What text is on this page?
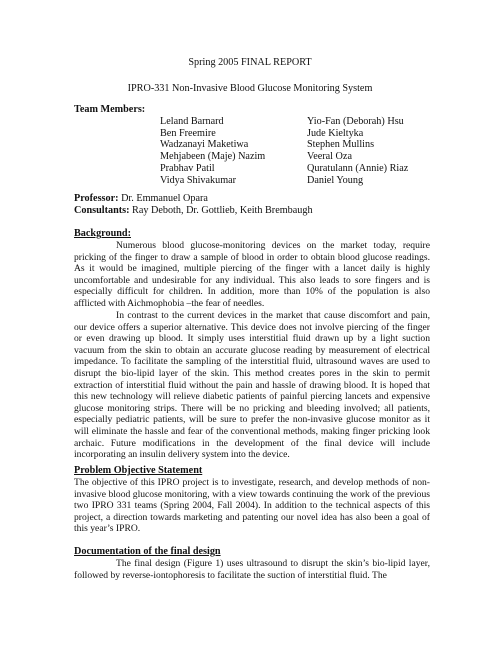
Spring 2005 FINAL REPORT
IPRO-331 Non-Invasive Blood Glucose Monitoring System
Team Members:
Leland Barnard
Ben Freemire
Wadzanayi Maketiwa
Mehjabeen (Maje) Nazim
Prabhav Patil
Vidya Shivakumar
Yio-Fan (Deborah) Hsu
Jude Kieltyka
Stephen Mullins
Veeral Oza
Quratulann (Annie) Riaz
Daniel Young
Professor: Dr. Emmanuel Opara
Consultants: Ray Deboth, Dr. Gottlieb, Keith Brembaugh
Background:

Numerous blood glucose-monitoring devices on the market today, require pricking of the finger to draw a sample of blood in order to obtain blood glucose readings. As it would be imagined, multiple piercing of the finger with a lancet daily is highly uncomfortable and undesirable for any individual. This also leads to sore fingers and is especially difficult for children. In addition, more than 10% of the population is also afflicted with Aichmophobia –the fear of needles.

In contrast to the current devices in the market that cause discomfort and pain, our device offers a superior alternative. This device does not involve piercing of the finger or even drawing up blood. It simply uses interstitial fluid drawn up by a light suction vacuum from the skin to obtain an accurate glucose reading by measurement of electrical impedance. To facilitate the sampling of the interstitial fluid, ultrasound waves are used to disrupt the bio-lipid layer of the skin. This method creates pores in the skin to permit extraction of interstitial fluid without the pain and hassle of drawing blood. It is hoped that this new technology will relieve diabetic patients of painful piercing lancets and expensive glucose monitoring strips. There will be no pricking and bleeding involved; all patients, especially pediatric patients, will be sure to prefer the non-invasive glucose monitor as it will eliminate the hassle and fear of the conventional methods, making finger pricking look archaic. Future modifications in the development of the final device will include incorporating an insulin delivery system into the device.

Problem Objective Statement

The objective of this IPRO project is to investigate, research, and develop methods of non-invasive blood glucose monitoring, with a view towards continuing the work of the previous two IPRO 331 teams (Spring 2004, Fall 2004). In addition to the technical aspects of this project, a direction towards marketing and patenting our novel idea has also been a goal of this year’s IPRO.

Documentation of the final design

The final design (Figure 1) uses ultrasound to disrupt the skin’s bio-lipid layer, followed by reverse-iontophoresis to facilitate the suction of interstitial fluid. The
